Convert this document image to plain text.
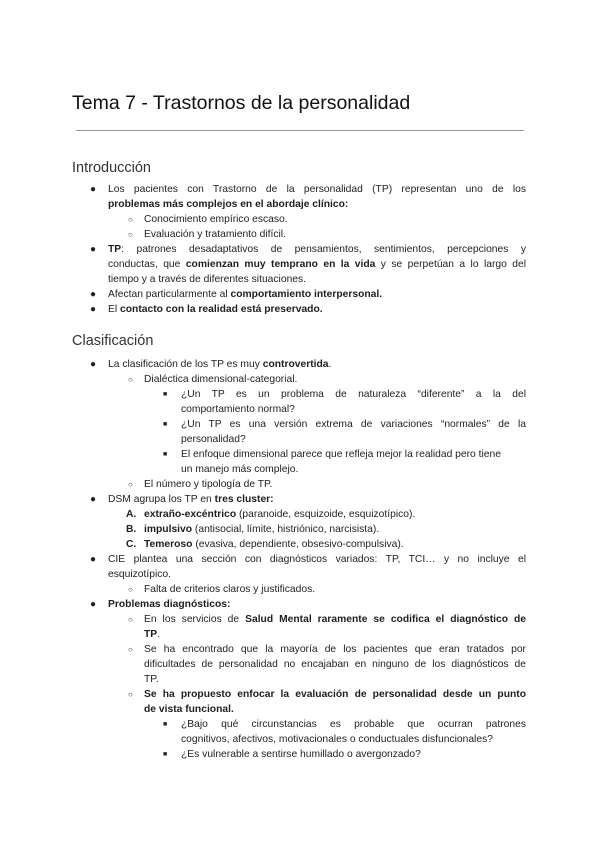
Tema 7 - Trastornos de la personalidad
Introducción
● Los pacientes con Trastorno de la personalidad (TP) representan uno de los
problemas más complejos en el abordaje clínico:
○ Conocimiento empírico escaso.
○ Evaluación y tratamiento difícil.
● TP: patrones desadaptativos de pensamientos, sentimientos, percepciones y
conductas, que comienzan muy temprano en la vida y se perpetúan a lo largo del
tiempo y a través de diferentes situaciones.
● Afectan particularmente al comportamiento interpersonal.
● El contacto con la realidad está preservado.
Clasificación
● La clasificación de los TP es muy controvertida.
○ Dialéctica dimensional-categorial.
■ ¿Un TP es un problema de naturaleza “diferente” a la del
comportamiento normal?
■ ¿Un TP es una versión extrema de variaciones “normales” de la
personalidad?
■ El enfoque dimensional parece que refleja mejor la realidad pero tiene
un manejo más complejo.
○ El número y tipología de TP.
● DSM agrupa los TP en tres cluster:
A. extraño-excéntrico (paranoide, esquizoide, esquizotípico).
B. impulsivo (antisocial, límite, histriónico, narcisista).
C. Temeroso (evasiva, dependiente, obsesivo-compulsiva).
● CIE plantea una sección con diagnósticos variados: TP, TCI… y no incluye el
esquizotípico.
○ Falta de criterios claros y justificados.
● Problemas diagnósticos:
○ En los servicios de Salud Mental raramente se codifica el diagnóstico de
TP.
○ Se ha encontrado que la mayoría de los pacientes que eran tratados por
dificultades de personalidad no encajaban en ninguno de los diagnósticos de
TP.
○ Se ha propuesto enfocar la evaluación de personalidad desde un punto
de vista funcional.
■ ¿Bajo qué circunstancias es probable que ocurran patrones
cognitivos, afectivos, motivacionales o conductuales disfuncionales?
■ ¿Es vulnerable a sentirse humillado o avergonzado?
